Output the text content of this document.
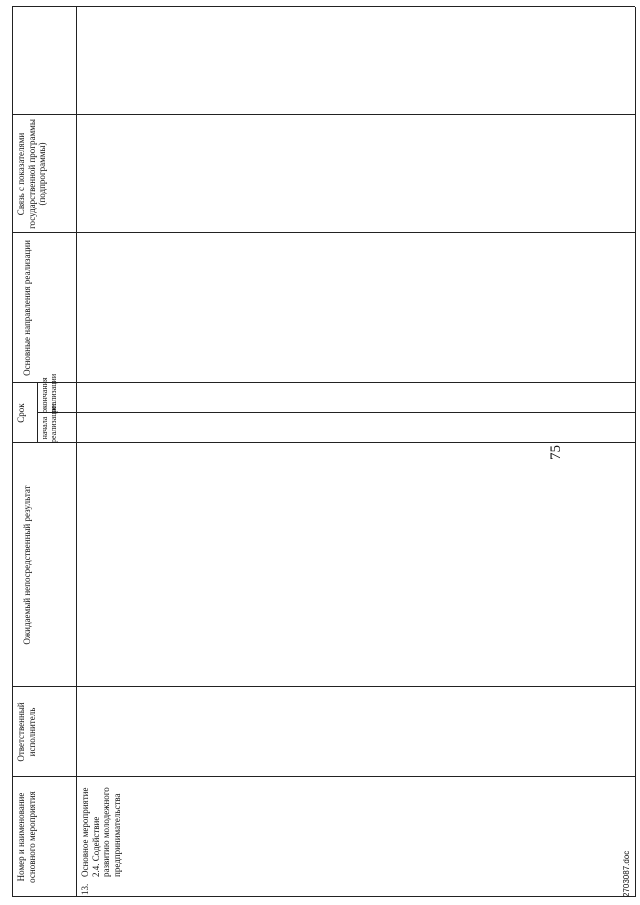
75
2703087.doc
Номер и наименование основного мероприятия
Ответственный исполнитель
Ожидаемый непосредственный результат
Срок
начала реализации
окончания реализации
Основные направления реализации
Связь с показателями государственной программы (подпрограммы)
13.
Основное мероприятие 2.4. Содействие развитию молодежного предпринимательства
